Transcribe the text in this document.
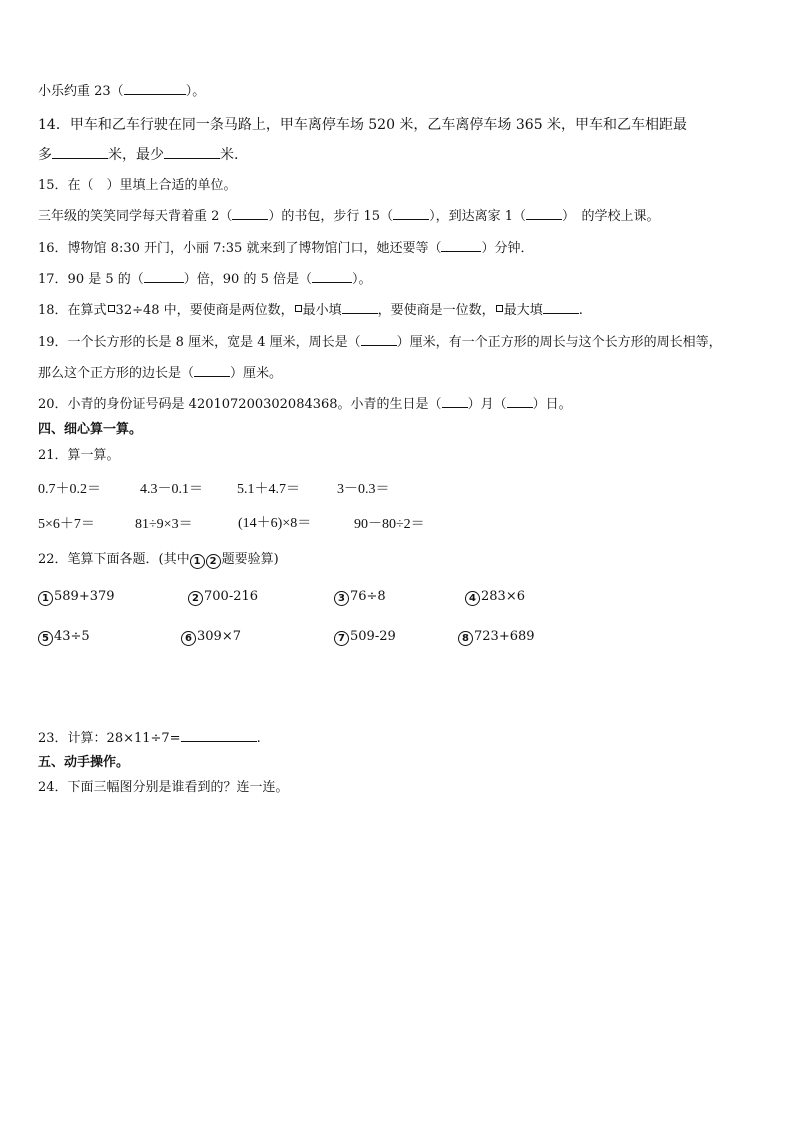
小乐约重 23（	）。
14．甲车和乙车行驶在同一条马路上，甲车离停车场 520 米，乙车离停车场 365 米，甲车和乙车相距最
多	米，最少	米.
15．在（　）里填上合适的单位。
三年级的笑笑同学每天背着重 2（	）的书包，步行 15（	），到达离家 1（	）　的学校上课。
16．博物馆 8:30 开门，小丽 7:35 就来到了博物馆门口，她还要等（	）分钟．
17．90 是 5 的（	）倍，90 的 5 倍是（	）。
18．在算式 32÷48 中，要使商是两位数， 最小填	，要使商是一位数， 最大填	.
19．一个长方形的长是 8 厘米，宽是 4 厘米，周长是（	）厘米，有一个正方形的周长与这个长方形的周长相等，
那么这个正方形的边长是（	）厘米。
20．小青的身份证号码是 420107200302084368。小青的生日是（ ）月（ ）日。
四、细心算一算。
21．算一算。
0.7＋0.2＝	4.3－0.1＝ 5.1＋4.7＝	3－0.3＝
5×6＋7＝	81÷9×3＝	(14＋6)×8＝	90－80÷2＝
22．笔算下面各题．(其中 1 2 题要验算)
1 589+379	2 700-216	3 76÷8	4 283×6
5 43÷5	6 309×7	7 509-29	8 723+689
23．计算：28×11÷7=	.
五、动手操作。
24．下面三幅图分别是谁看到的？连一连。
